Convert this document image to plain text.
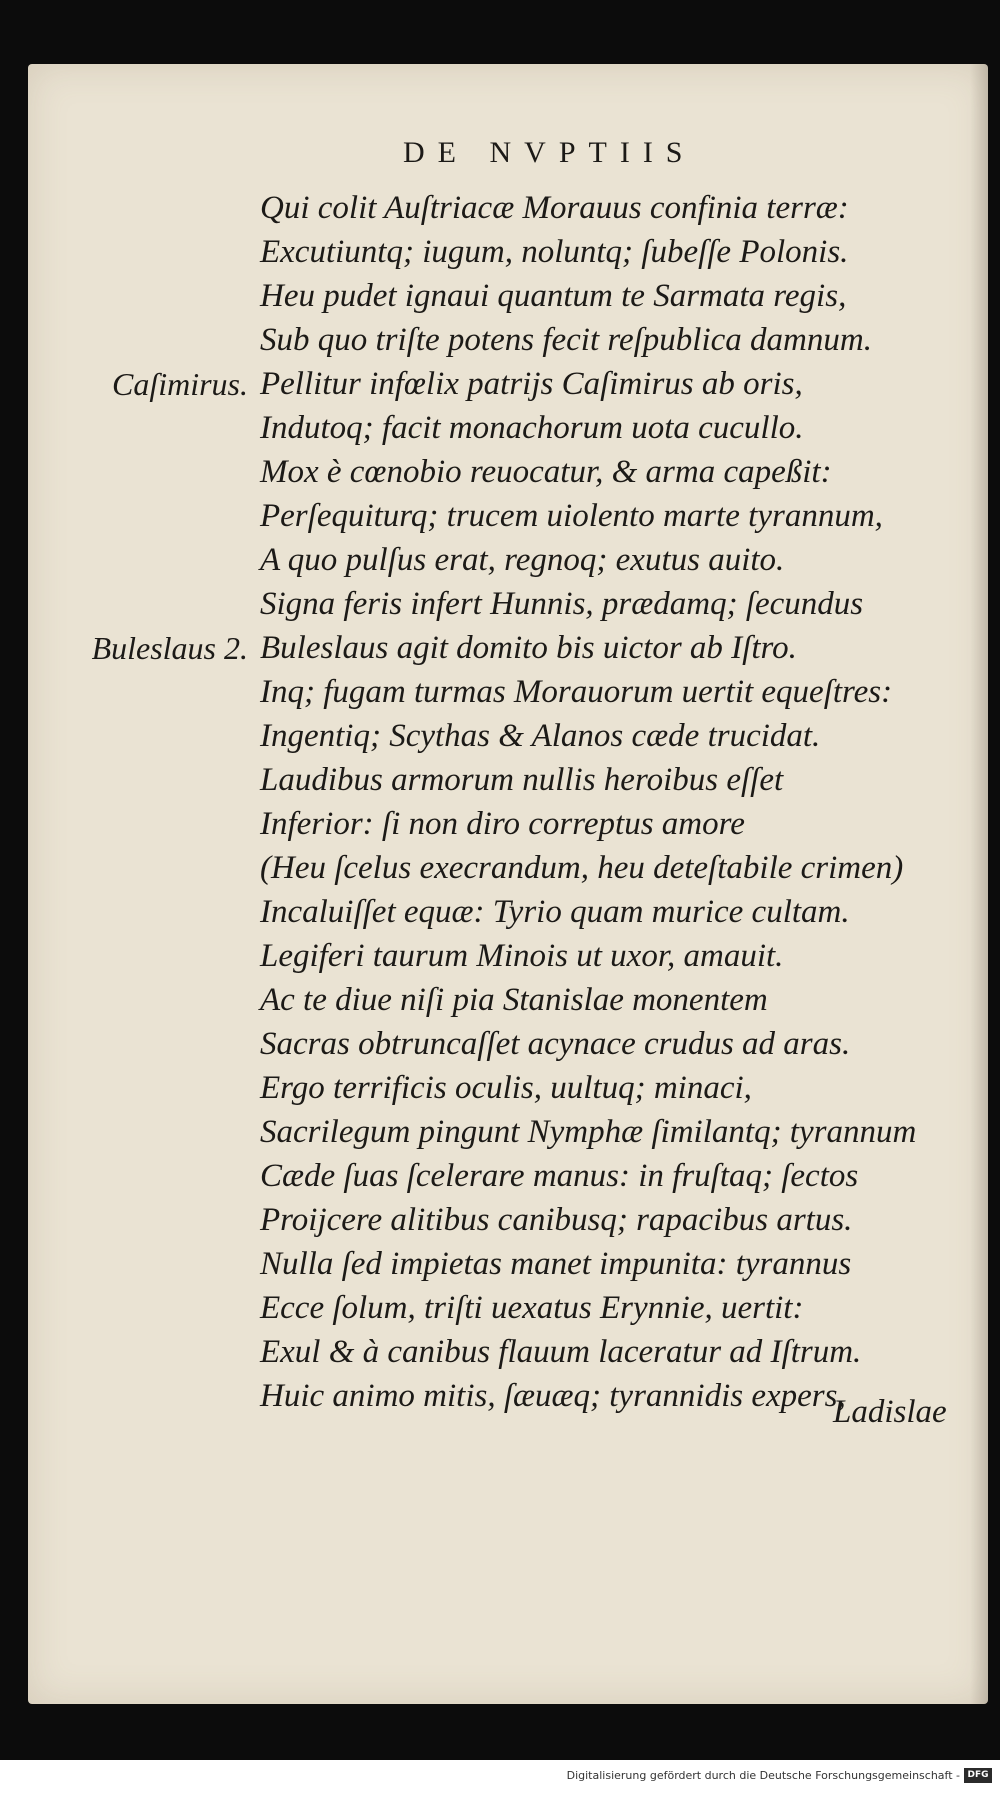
DE NVPTIIS
Qui colit Auſtriacæ Morauus confinia terræ:
Excutiuntq; iugum, noluntq; ſubeſſe Polonis.
Heu pudet ignaui quantum te Sarmata regis,
Sub quo triſte potens fecit reſpublica damnum.
Pellitur infœlix patrijs Caſimirus ab oris,
Caſimirus.
Indutoq; facit monachorum uota cucullo.
Mox è cœnobio reuocatur, & arma capeßit:
Perſequiturq; trucem uiolento marte tyrannum,
A quo pulſus erat, regnoq; exutus auito.
Signa feris infert Hunnis, prædamq; ſecundus
Buleslaus agit domito bis uictor ab Iſtro.
Buleslaus 2.
Inq; fugam turmas Morauorum uertit equeſtres:
Ingentiq; Scythas & Alanos cæde trucidat.
Laudibus armorum nullis heroibus eſſet
Inferior: ſi non diro correptus amore
(Heu ſcelus execrandum, heu deteſtabile crimen)
Incaluiſſet equæ: Tyrio quam murice cultam.
Legiferi taurum Minois ut uxor, amauit.
Ac te diue niſi pia Stanislae monentem
Sacras obtruncaſſet acynace crudus ad aras.
Ergo terrificis oculis, uultuq; minaci,
Sacrilegum pingunt Nymphæ ſimilantq; tyrannum
Cæde ſuas ſcelerare manus: in fruſtaq; ſectos
Proijcere alitibus canibusq; rapacibus artus.
Nulla ſed impietas manet impunita: tyrannus
Ecce ſolum, triſti uexatus Erynnie, uertit:
Exul & à canibus flauum laceratur ad Iſtrum.
Huic animo mitis, ſæuæq; tyrannidis expers,
Ladislae
Digitalisierung gefördert durch die Deutsche Forschungsgemeinschaft - DFG
